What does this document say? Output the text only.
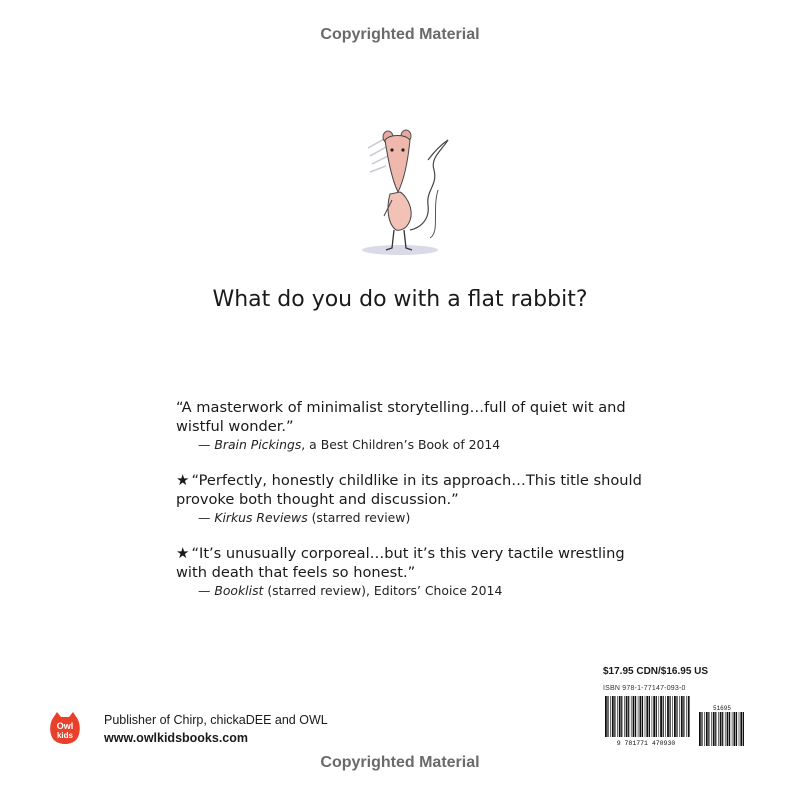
Copyrighted Material
What do you do with a flat rabbit?
“A masterwork of minimalist storytelling…full of quiet wit and
wistful wonder.”
— Brain Pickings, a Best Children’s Book of 2014
★ “Perfectly, honestly childlike in its approach…This title should
provoke both thought and discussion.”
— Kirkus Reviews (starred review)
★ “It’s unusually corporeal…but it’s this very tactile wrestling
with death that feels so honest.”
— Booklist (starred review), Editors’ Choice 2014
Owl
kids
Publisher of Chirp, chickaDEE and OWL
www.owlkidsbooks.com
$17.95 CDN/$16.95 US
ISBN 978-1-77147-093-0
9 781771 470930
51695
Copyrighted Material
